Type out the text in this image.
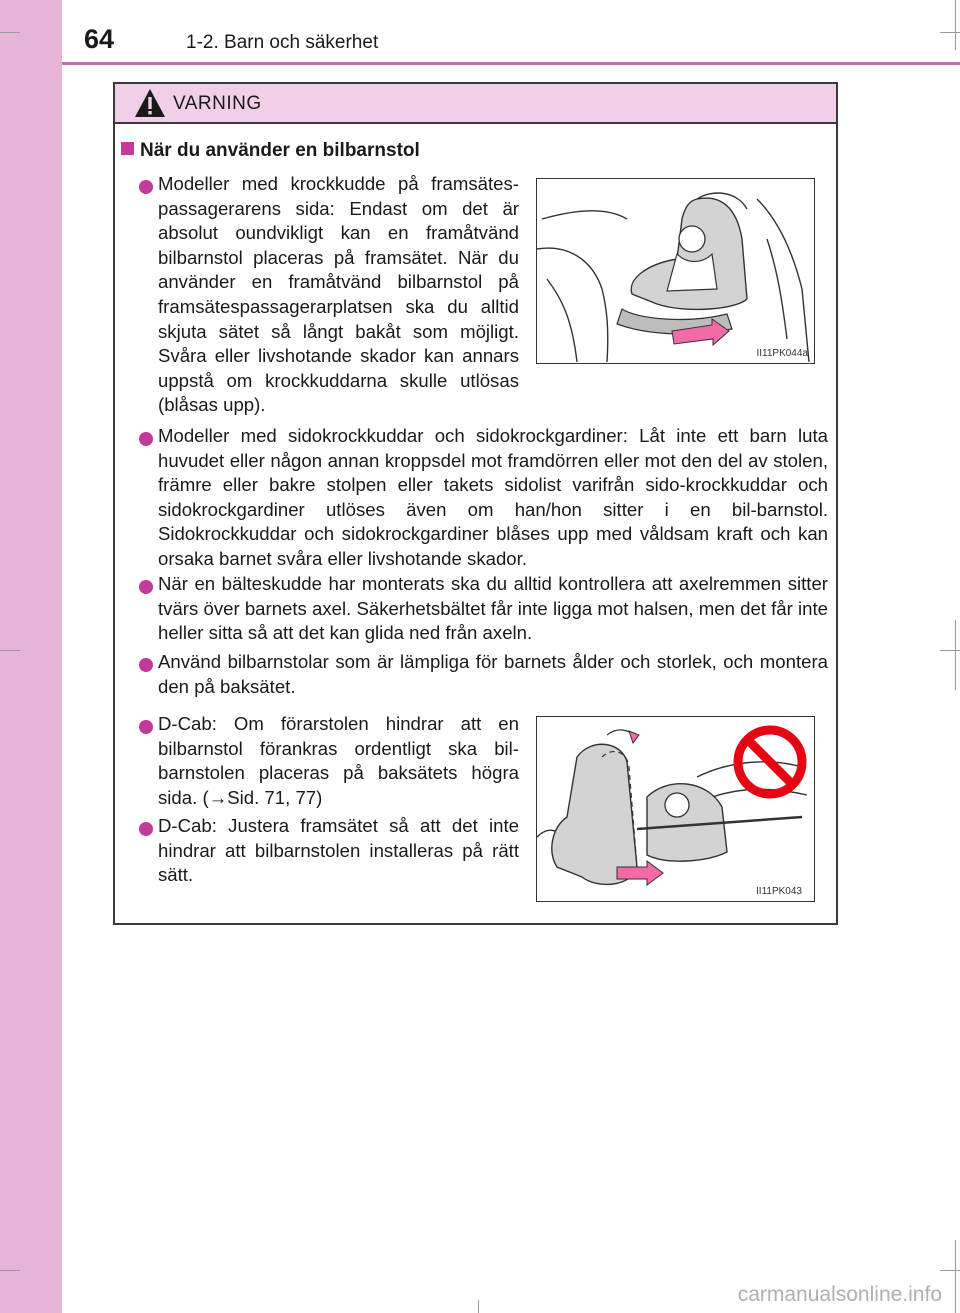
64	1-2. Barn och säkerhet
VARNING
När du använder en bilbarnstol
Modeller med krockkudde på framsätes-passagerarens sida: Endast om det är absolut oundvikligt kan en framåtvänd bilbarnstol placeras på framsätet. När du använder en framåtvänd bilbarnstol på framsätespassagerarplatsen ska du alltid skjuta sätet så långt bakåt som möjligt. Svåra eller livshotande skador kan annars uppstå om krockkuddarna skulle utlösas (blåsas upp).
II11PK044a
Modeller med sidokrockkuddar och sidokrockgardiner: Låt inte ett barn luta huvudet eller någon annan kroppsdel mot framdörren eller mot den del av stolen, främre eller bakre stolpen eller takets sidolist varifrån sido-krockkuddar och sidokrockgardiner utlöses även om han/hon sitter i en bil-barnstol. Sidokrockkuddar och sidokrockgardiner blåses upp med våldsam kraft och kan orsaka barnet svåra eller livshotande skador.
När en bälteskudde har monterats ska du alltid kontrollera att axelremmen sitter tvärs över barnets axel. Säkerhetsbältet får inte ligga mot halsen, men det får inte heller sitta så att det kan glida ned från axeln.
Använd bilbarnstolar som är lämpliga för barnets ålder och storlek, och montera den på baksätet.
D-Cab: Om förarstolen hindrar att en bilbarnstol förankras ordentligt ska bil-barnstolen placeras på baksätets högra sida. (→Sid. 71, 77)
D-Cab: Justera framsätet så att det inte hindrar att bilbarnstolen installeras på rätt sätt.
II11PK043
carmanualsonline.info
